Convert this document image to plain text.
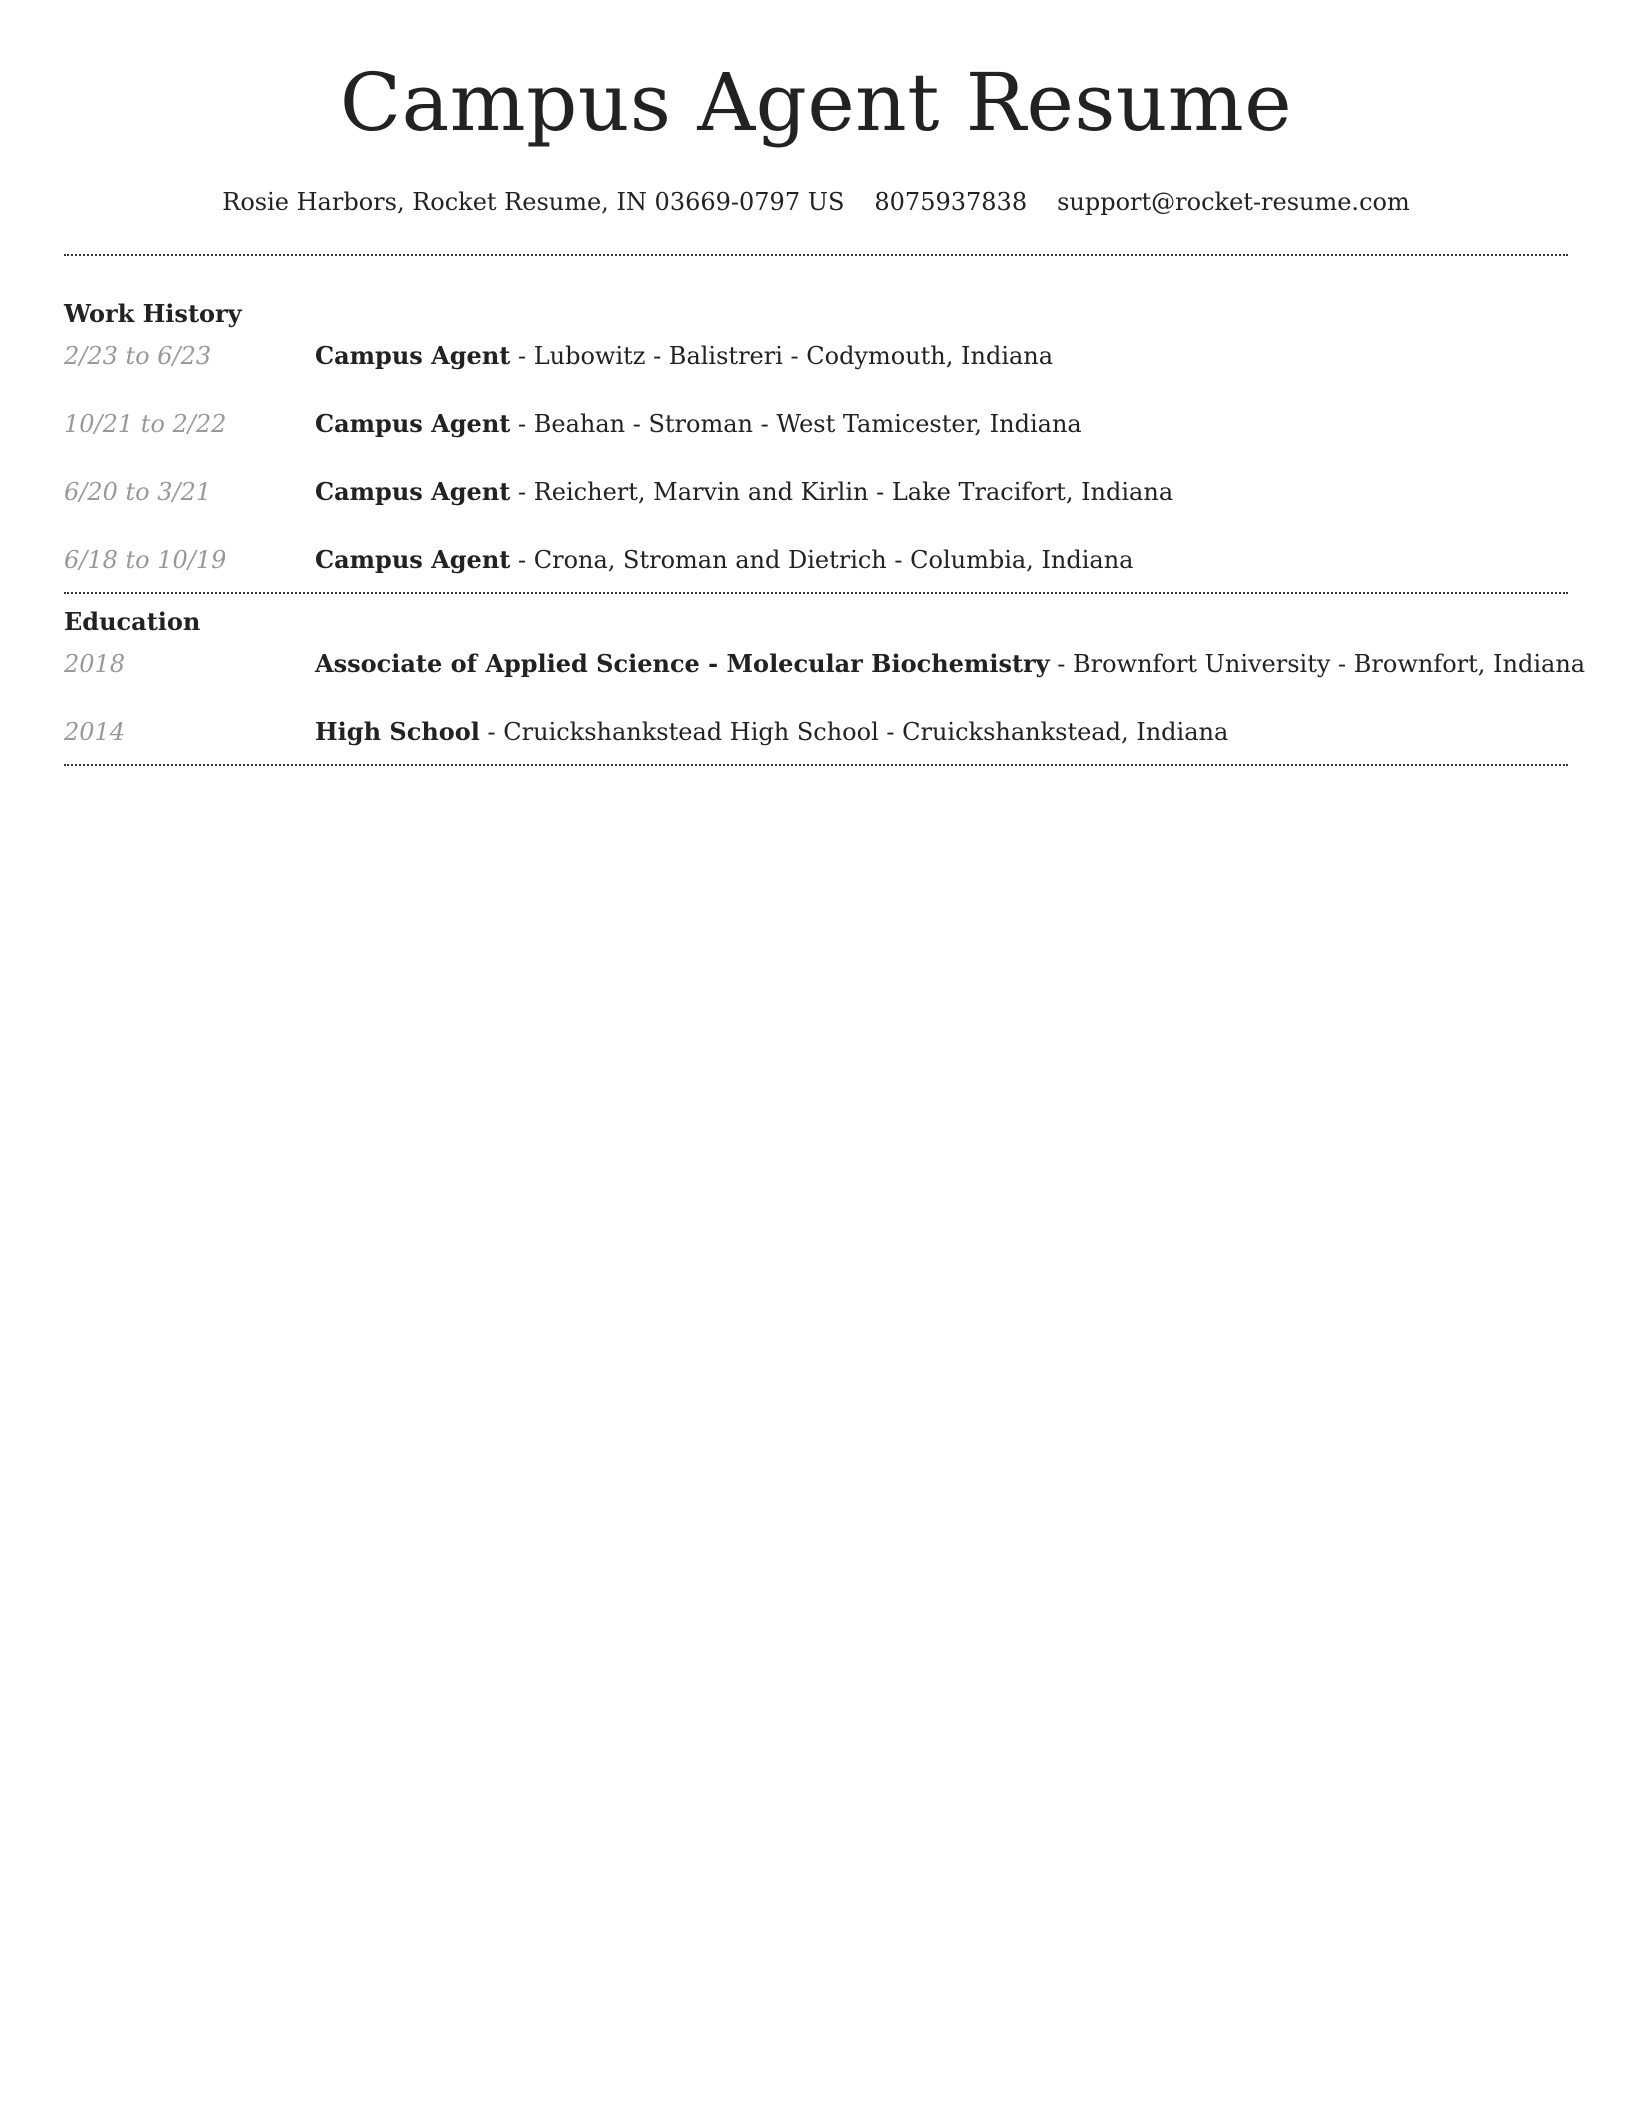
Campus Agent Resume
Rosie Harbors, Rocket Resume, IN 03669-0797 US 8075937838 support@rocket-resume.com
Work History
2/23 to 6/23	Campus Agent - Lubowitz - Balistreri - Codymouth, Indiana
10/21 to 2/22	Campus Agent - Beahan - Stroman - West Tamicester, Indiana
6/20 to 3/21	Campus Agent - Reichert, Marvin and Kirlin - Lake Tracifort, Indiana
6/18 to 10/19	Campus Agent - Crona, Stroman and Dietrich - Columbia, Indiana
Education
2018	Associate of Applied Science - Molecular Biochemistry - Brownfort University - Brownfort, Indiana
2014	High School - Cruickshankstead High School - Cruickshankstead, Indiana
